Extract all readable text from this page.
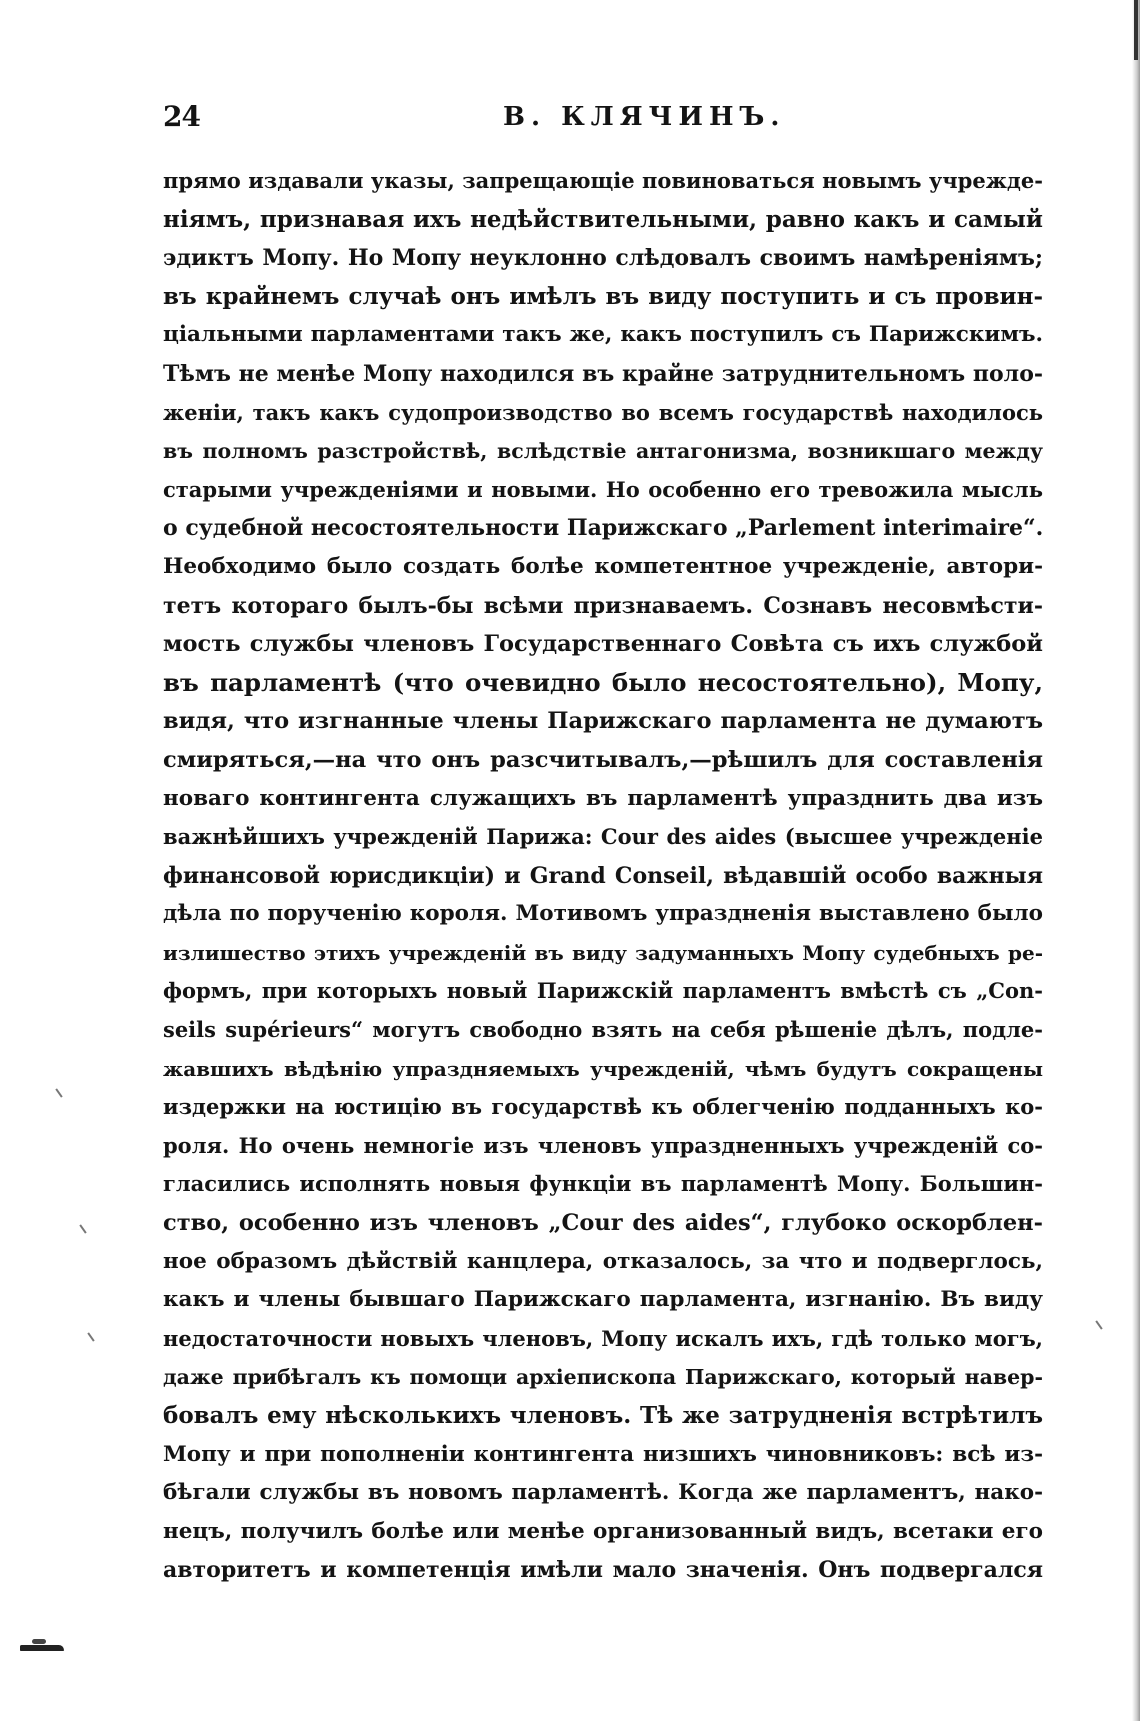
24	В. КЛЯЧИНЪ.
прямо издавали указы, запрещающіе повиноваться новымъ учрежде-
ніямъ, признавая ихъ недѣйствительными, равно какъ и самый
эдиктъ Мопу. Но Мопу неуклонно слѣдовалъ своимъ намѣреніямъ;
въ крайнемъ случаѣ онъ имѣлъ въ виду поступить и съ провин-
ціальными парламентами такъ же, какъ поступилъ съ Парижскимъ.
Тѣмъ не менѣе Мопу находился въ крайне затруднительномъ поло-
женіи, такъ какъ судопроизводство во всемъ государствѣ находилось
въ полномъ разстройствѣ, вслѣдствіе антагонизма, возникшаго между
старыми учрежденіями и новыми. Но особенно его тревожила мысль
о судебной несостоятельности Парижскаго „Parlement interimaire“.
Необходимо было создать болѣе компетентное учрежденіе, автори-
тетъ котораго былъ-бы всѣми признаваемъ. Сознавъ несовмѣсти-
мость службы членовъ Государственнаго Совѣта съ ихъ службой
въ парламентѣ (что очевидно было несостоятельно), Мопу,
видя, что изгнанные члены Парижскаго парламента не думаютъ
смиряться,—на что онъ разсчитывалъ,—рѣшилъ для составленія
новаго контингента служащихъ въ парламентѣ упразднить два изъ
важнѣйшихъ учрежденій Парижа: Cour des aides (высшее учрежденіе
финансовой юрисдикціи) и Grand Conseil, вѣдавшій особо важныя
дѣла по порученію короля. Мотивомъ упраздненія выставлено было
излишество этихъ учрежденій въ виду задуманныхъ Мопу судебныхъ ре-
формъ, при которыхъ новый Парижскій парламентъ вмѣстѣ съ „Con-
seils supérieurs“ могутъ свободно взять на себя рѣшеніе дѣлъ, подле-
жавшихъ вѣдѣнію упраздняемыхъ учрежденій, чѣмъ будутъ сокращены
издержки на юстицію въ государствѣ къ облегченію подданныхъ ко-
роля. Но очень немногіе изъ членовъ упраздненныхъ учрежденій со-
гласились исполнять новыя функціи въ парламентѣ Мопу. Большин-
ство, особенно изъ членовъ „Cour des aides“, глубоко оскорблен-
ное образомъ дѣйствій канцлера, отказалось, за что и подверглось,
какъ и члены бывшаго Парижскаго парламента, изгнанію. Въ виду
недостаточности новыхъ членовъ, Мопу искалъ ихъ, гдѣ только могъ,
даже прибѣгалъ къ помощи архіепископа Парижскаго, который навер-
бовалъ ему нѣсколькихъ членовъ. Тѣ же затрудненія встрѣтилъ
Мопу и при пополненіи контингента низшихъ чиновниковъ: всѣ из-
бѣгали службы въ новомъ парламентѣ. Когда же парламентъ, нако-
нецъ, получилъ болѣе или менѣе организованный видъ, всетаки его
авторитетъ и компетенція имѣли мало значенія. Онъ подвергался
